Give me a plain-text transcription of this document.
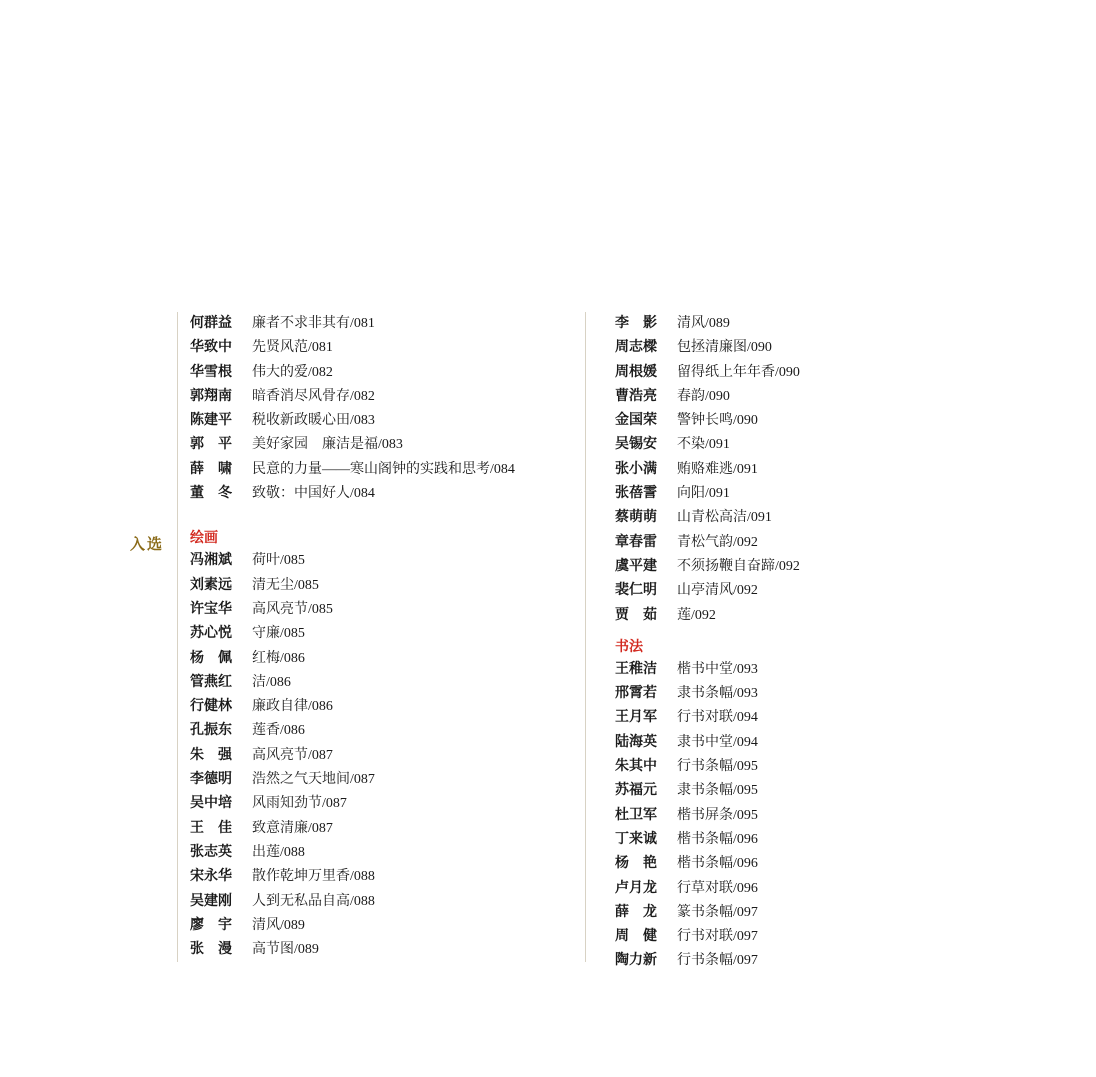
入选
何群益	廉者不求非其有/081
华致中	先贤风范/081
华雪根	伟大的爱/082
郭翔南	暗香消尽风骨存/082
陈建平	税收新政暖心田/083
郭　平	美好家园　廉洁是福/083
薛　啸	民意的力量——寒山阁钟的实践和思考/084
董　冬	致敬：中国好人/084
绘画
冯湘斌	荷叶/085
刘素远	清无尘/085
许宝华	高风亮节/085
苏心悦	守廉/085
杨　佩	红梅/086
管燕红	洁/086
行健林	廉政自律/086
孔振东	莲香/086
朱　强	高风亮节/087
李德明	浩然之气天地间/087
吴中培	风雨知劲节/087
王　佳	致意清廉/087
张志英	出莲/088
宋永华	散作乾坤万里香/088
吴建刚	人到无私品自高/088
廖　宇	清风/089
张　漫	高节图/089
李　影	清风/089
周志樑	包拯清廉图/090
周根媛	留得纸上年年香/090
曹浩亮	春韵/090
金国荣	警钟长鸣/090
吴锡安	不染/091
张小满	贿赂难逃/091
张蓓霅	向阳/091
蔡萌萌	山青松高洁/091
章春雷	青松气韵/092
虞平建	不须扬鞭自奋蹄/092
裴仁明	山亭清风/092
贾　茹	莲/092
书法
王稚洁	楷书中堂/093
邢霄若	隶书条幅/093
王月军	行书对联/094
陆海英	隶书中堂/094
朱其中	行书条幅/095
苏福元	隶书条幅/095
杜卫军	楷书屏条/095
丁来诚	楷书条幅/096
杨　艳	楷书条幅/096
卢月龙	行草对联/096
薛　龙	篆书条幅/097
周　健	行书对联/097
陶力新	行书条幅/097
